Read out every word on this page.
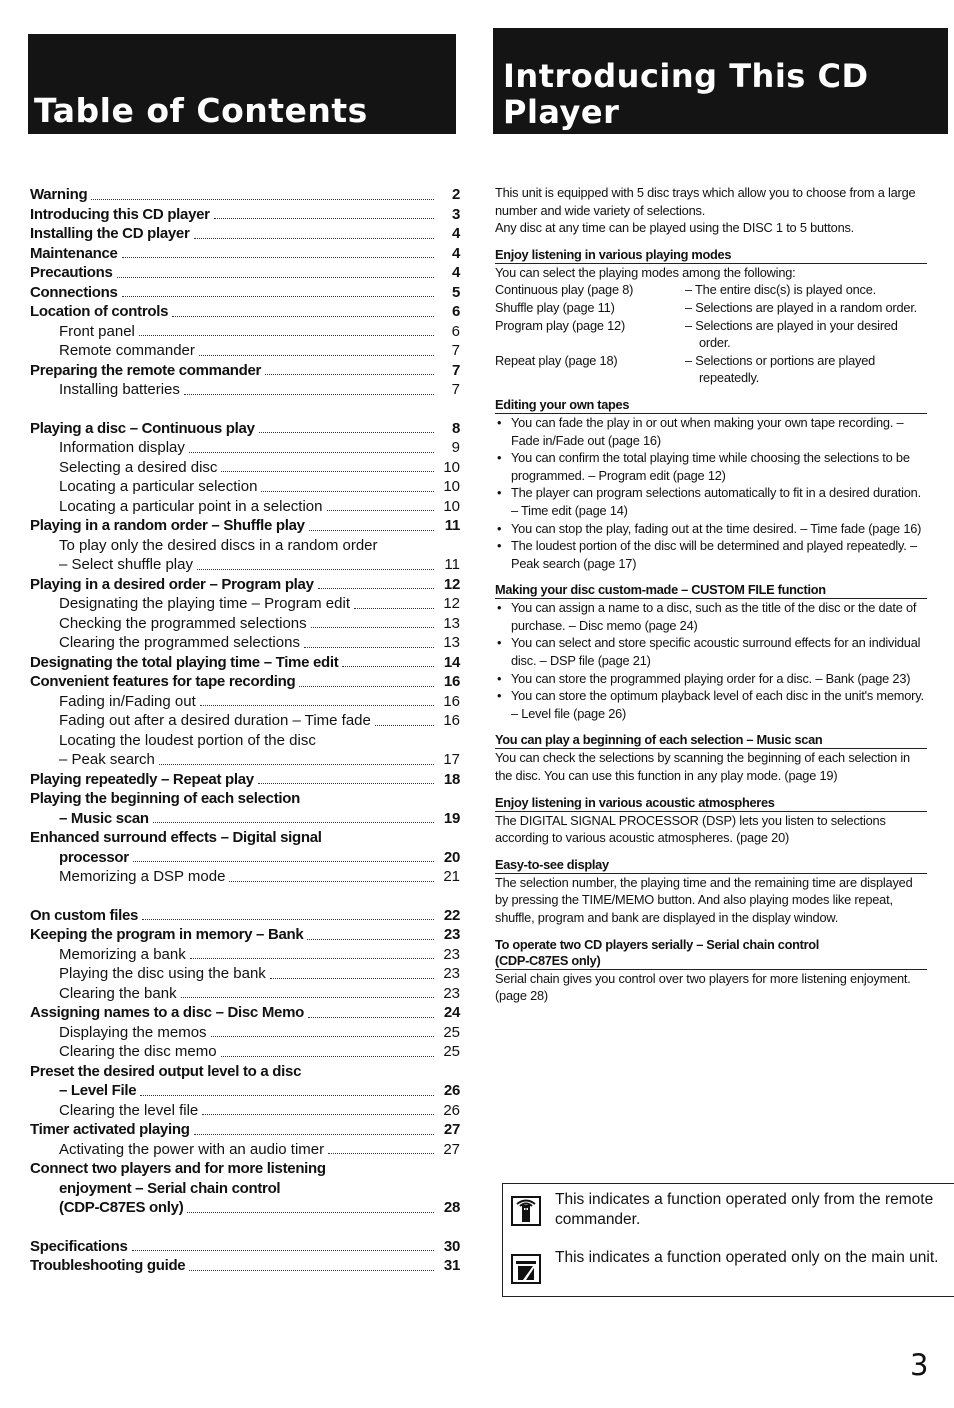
Table of Contents
Introducing This CD
Player
Warning	2
Introducing this CD player	3
Installing the CD player	4
Maintenance	4
Precautions	4
Connections	5
Location of controls	6
Front panel	6
Remote commander	7
Preparing the remote commander	7
Installing batteries	7
Playing a disc – Continuous play	8
Information display	9
Selecting a desired disc	10
Locating a particular selection	10
Locating a particular point in a selection	10
Playing in a random order – Shuffle play	11
To play only the desired discs in a random order
– Select shuffle play	11
Playing in a desired order – Program play	12
Designating the playing time – Program edit	12
Checking the programmed selections	13
Clearing the programmed selections	13
Designating the total playing time – Time edit	14
Convenient features for tape recording	16
Fading in/Fading out	16
Fading out after a desired duration – Time fade	16
Locating the loudest portion of the disc
– Peak search	17
Playing repeatedly – Repeat play	18
Playing the beginning of each selection
– Music scan	19
Enhanced surround effects – Digital signal
processor	20
Memorizing a DSP mode	21
On custom files	22
Keeping the program in memory – Bank	23
Memorizing a bank	23
Playing the disc using the bank	23
Clearing the bank	23
Assigning names to a disc – Disc Memo	24
Displaying the memos	25
Clearing the disc memo	25
Preset the desired output level to a disc
– Level File	26
Clearing the level file	26
Timer activated playing	27
Activating the power with an audio timer	27
Connect two players and for more listening
enjoyment – Serial chain control
(CDP-C87ES only)	28
Specifications	30
Troubleshooting guide	31

This unit is equipped with 5 disc trays which allow you to choose from a large number and wide variety of selections.

Any disc at any time can be played using the DISC 1 to 5 buttons.

Enjoy listening in various playing modes
You can select the playing modes among the following:
Continuous play (page 8)	– The entire disc(s) is played once.
Shuffle play (page 11)	– Selections are played in a random order.
Program play (page 12)	– Selections are played in your desired order.
Repeat play (page 18)	– Selections or portions are played repeatedly.
Editing your own tapes
• You can fade the play in or out when making your own tape recording. – Fade in/Fade out (page 16)
• You can confirm the total playing time while choosing the selections to be programmed. – Program edit (page 12)
• The player can program selections automatically to fit in a desired duration. – Time edit (page 14)
• You can stop the play, fading out at the time desired. – Time fade (page 16)
• The loudest portion of the disc will be determined and played repeatedly. – Peak search (page 17)
Making your disc custom-made – CUSTOM FILE function
• You can assign a name to a disc, such as the title of the disc or the date of purchase. – Disc memo (page 24)
• You can select and store specific acoustic surround effects for an individual disc. – DSP file (page 21)
• You can store the programmed playing order for a disc. – Bank (page 23)
• You can store the optimum playback level of each disc in the unit's memory. – Level file (page 26)
You can play a beginning of each selection – Music scan

You can check the selections by scanning the beginning of each selection in the disc. You can use this function in any play mode. (page 19)

Enjoy listening in various acoustic atmospheres

The DIGITAL SIGNAL PROCESSOR (DSP) lets you listen to selections according to various acoustic atmospheres. (page 20)

Easy-to-see display

The selection number, the playing time and the remaining time are displayed by pressing the TIME/MEMO button. And also playing modes like repeat, shuffle, program and bank are displayed in the display window.

To operate two CD players serially – Serial chain control
(CDP-C87ES only)

Serial chain gives you control over two players for more listening enjoyment. (page 28)

This indicates a function operated only from the remote commander.
This indicates a function operated only on the main unit.
3
